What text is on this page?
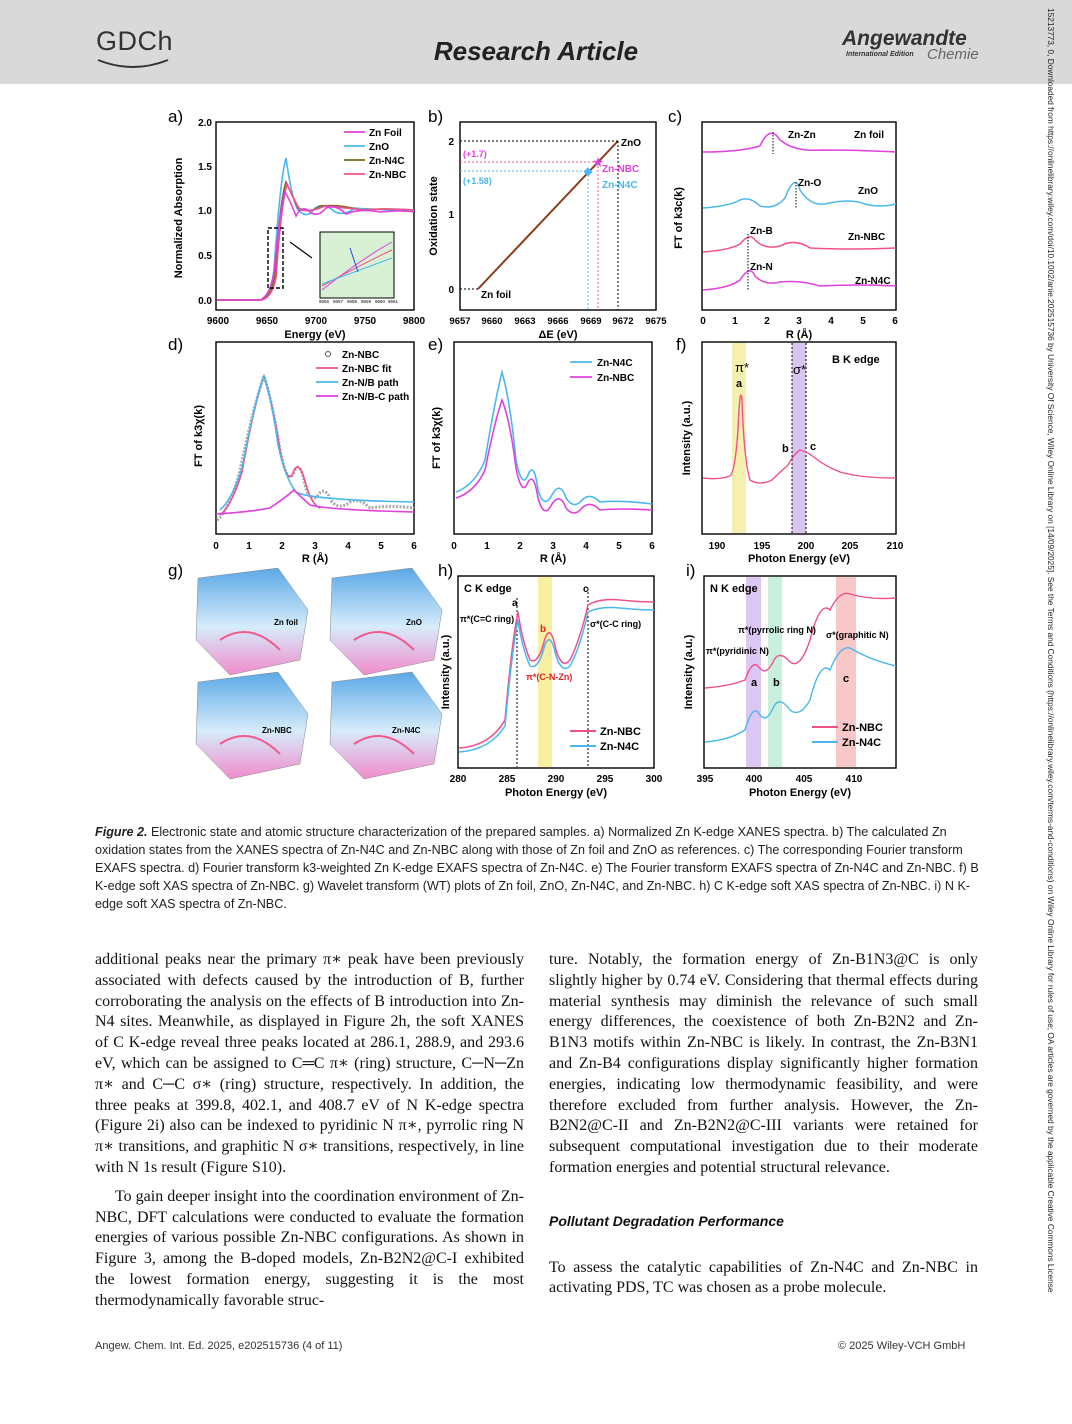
GDCh	Research Article	Angewandte
International Edition Chemie	15213773, 0, Downloaded from https://onlinelibrary.wiley.com/doi/10.1002/anie.202515736 by University Of Science, Wiley Online Library on [14/09/2025]. See the Terms and Conditions (https://onlinelibrary.wiley.com/terms-and-conditions) on Wiley Online Library for rules of use; OA articles are governed by the applicable Creative Commons License
a)
Normalized Absorption
Energy (eV)
0.0
0.5
1.0
1.5
2.0
9600	9650	9700	9750	9800
9656 9657 9658 9659 9660 9661
Zn Foil
ZnO
Zn-N4C
Zn-NBC
b)
Oxidation state
ΔE (eV)
0
1
2
9657 9660 9663 9666 9669 9672 9675
★
◆
ZnO
Zn-NBC
Zn-N4C
Zn foil
(+1.7)
(+1.58)
c)
FT of k3c(k)
R (Å)
0	1	2	3	4	5	6
Zn-Zn	Zn foil
Zn-O
ZnO
Zn-B
Zn-NBC
Zn-N
Zn-N4C
d)
FT of k3χ(k)
R (Å)
0	1	2	3	4	5	6
Zn-NBC
Zn-NBC fit
Zn-N/B path
Zn-N/B-C path
e)
FT of k3χ(k)
R (Å)
0	1	2	3	4	5	6
Zn-N4C
Zn-NBC
f)
Intensity (a.u.)
Photon Energy (eV)
190	195	200	205	210
B K edge
π*
a
σ*
b c
g)
Zn foil	ZnO
Zn-NBC	Zn-N4C
h)
Intensity (a.u.)
Photon Energy (eV)
280	285	290	295	300
C K edge
a
b
c
π*(C=C ring)	σ*(C-C ring)
π*(C-N-Zn)
Zn-NBC
Zn-N4C
i)
Intensity (a.u.)
Photon Energy (eV)
395	400	405	410
N K edge
π*(pyrrolic ring N)
π*(pyridinic N)
σ*(graphitic N)
a b	c
Zn-NBC
Zn-N4C
Figure 2. Electronic state and atomic structure characterization of the prepared samples. a) Normalized Zn K-edge XANES spectra. b) The calculated Zn oxidation states from the XANES spectra of Zn-N4C and Zn-NBC along with those of Zn foil and ZnO as references. c) The corresponding Fourier transform EXAFS spectra. d) Fourier transform k3-weighted Zn K-edge EXAFS spectra of Zn-N4C. e) The Fourier transform EXAFS spectra of Zn-N4C and Zn-NBC. f) B K-edge soft XAS spectra of Zn-NBC. g) Wavelet transform (WT) plots of Zn foil, ZnO, Zn-N4C, and Zn-NBC. h) C K-edge soft XAS spectra of Zn-NBC. i) N K-edge soft XAS spectra of Zn-NBC.

additional peaks near the primary π∗ peak have been previously associated with defects caused by the introduction of B, further corroborating the analysis on the effects of B introduction into Zn-N4 sites. Meanwhile, as displayed in Figure 2h, the soft XANES of C K-edge reveal three peaks located at 286.1, 288.9, and 293.6 eV, which can be assigned to C═C π∗ (ring) structure, C─N─Zn π∗ and C─C σ∗ (ring) structure, respectively. In addition, the three peaks at 399.8, 402.1, and 408.7 eV of N K-edge spectra (Figure 2i) also can be indexed to pyridinic N π∗, pyrrolic ring N π∗ transitions, and graphitic N σ∗ transitions, respectively, in line with N 1s result (Figure S10).

To gain deeper insight into the coordination environment of Zn-NBC, DFT calculations were conducted to evaluate the formation energies of various possible Zn-NBC configurations. As shown in Figure 3, among the B-doped models, Zn-B2N2@C-I exhibited the lowest formation energy, suggesting it is the most thermodynamically favorable struc-

ture. Notably, the formation energy of Zn-B1N3@C is only slightly higher by 0.74 eV. Considering that thermal effects during material synthesis may diminish the relevance of such small energy differences, the coexistence of both Zn-B2N2 and Zn-B1N3 motifs within Zn-NBC is likely. In contrast, the Zn-B3N1 and Zn-B4 configurations display significantly higher formation energies, indicating low thermodynamic feasibility, and were therefore excluded from further analysis. However, the Zn-B2N2@C-II and Zn-B2N2@C-III variants were retained for subsequent computational investigation due to their moderate formation energies and potential structural relevance.

Pollutant Degradation Performance

To assess the catalytic capabilities of Zn-N4C and Zn-NBC in activating PDS, TC was chosen as a probe molecule.

Angew. Chem. Int. Ed. 2025, e202515736 (4 of 11)	© 2025 Wiley-VCH GmbH
